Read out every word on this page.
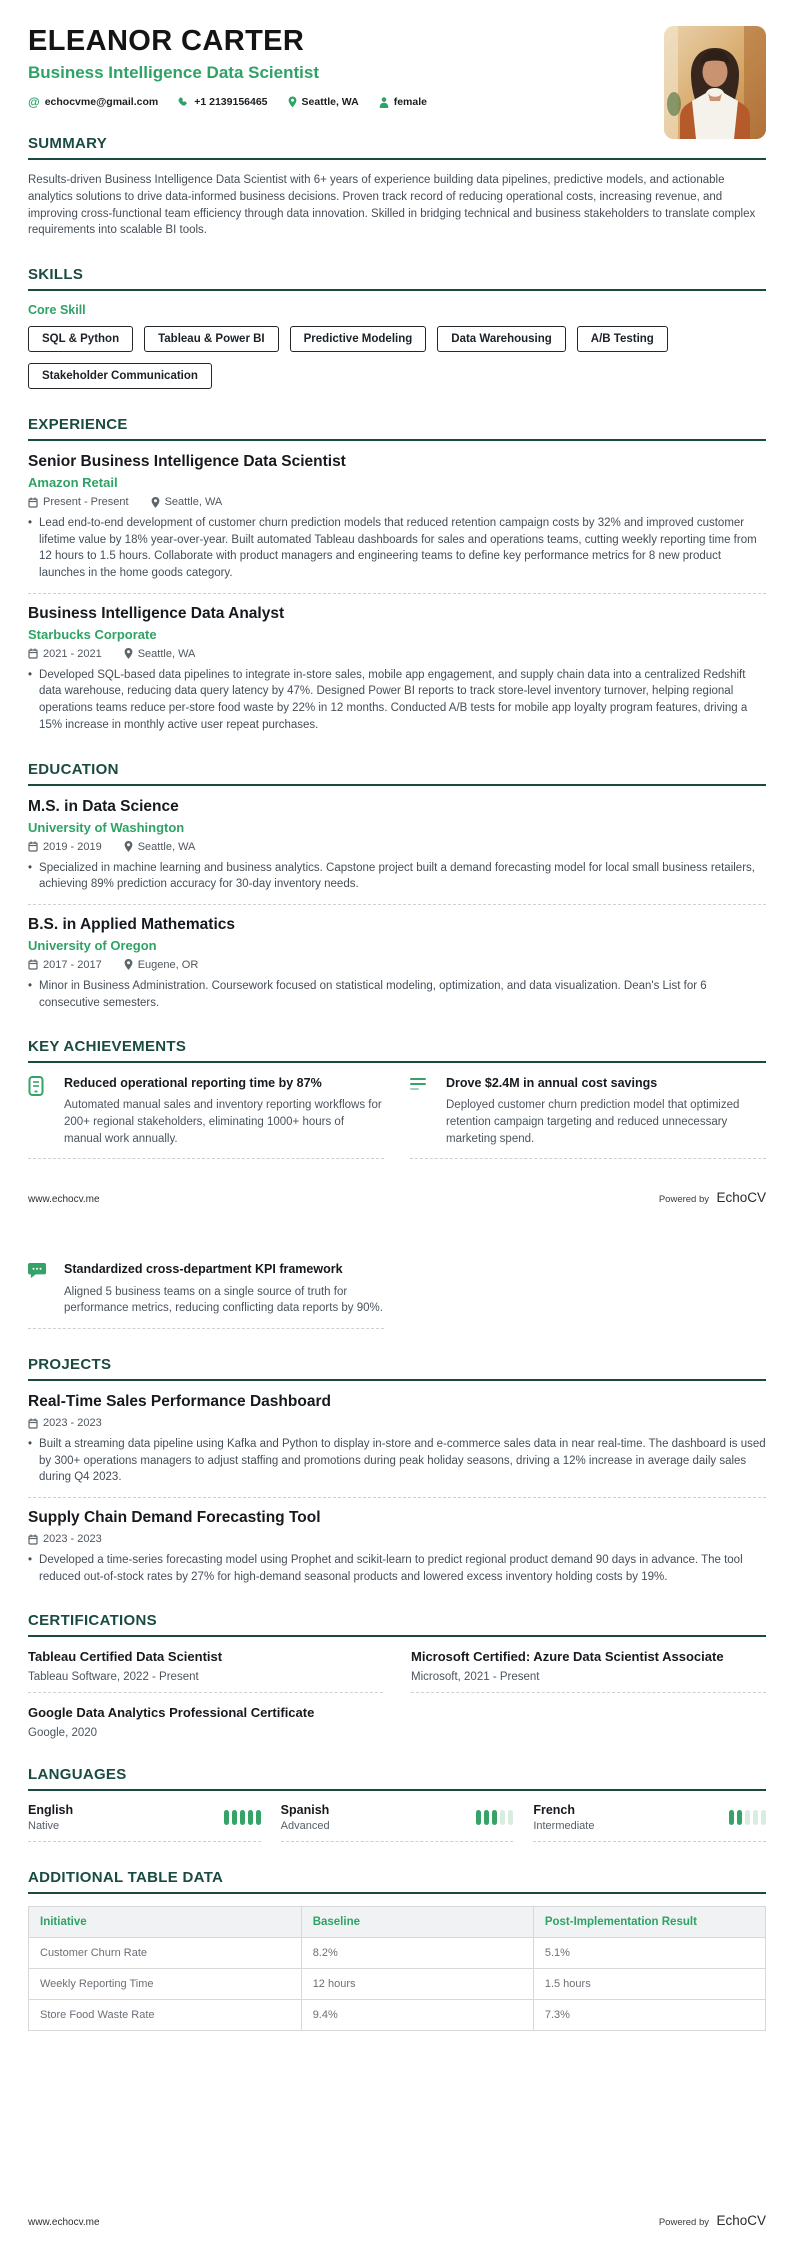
ELEANOR CARTER
Business Intelligence Data Scientist
@ echocvme@gmail.com	+1 2139156465	Seattle, WA	female
SUMMARY
Results-driven Business Intelligence Data Scientist with 6+ years of experience building data pipelines, predictive models, and actionable analytics solutions to drive data-informed business decisions. Proven track record of reducing operational costs, increasing revenue, and improving cross-functional team efficiency through data innovation. Skilled in bridging technical and business stakeholders to translate complex requirements into scalable BI tools.
SKILLS
Core Skill
SQL & Python	Tableau & Power BI	Predictive Modeling	Data Warehousing	A/B Testing
Stakeholder Communication
EXPERIENCE
Senior Business Intelligence Data Scientist
Amazon Retail
Present - Present	Seattle, WA
• Lead end-to-end development of customer churn prediction models that reduced retention campaign costs by 32% and improved customer lifetime value by 18% year-over-year. Built automated Tableau dashboards for sales and operations teams, cutting weekly reporting time from 12 hours to 1.5 hours. Collaborate with product managers and engineering teams to define key performance metrics for 8 new product launches in the home goods category.
Business Intelligence Data Analyst
Starbucks Corporate
2021 - 2021	Seattle, WA
• Developed SQL-based data pipelines to integrate in-store sales, mobile app engagement, and supply chain data into a centralized Redshift data warehouse, reducing data query latency by 47%. Designed Power BI reports to track store-level inventory turnover, helping regional operations teams reduce per-store food waste by 22% in 12 months. Conducted A/B tests for mobile app loyalty program features, driving a 15% increase in monthly active user repeat purchases.
EDUCATION
M.S. in Data Science
University of Washington
2019 - 2019	Seattle, WA
• Specialized in machine learning and business analytics. Capstone project built a demand forecasting model for local small business retailers, achieving 89% prediction accuracy for 30-day inventory needs.
B.S. in Applied Mathematics
University of Oregon
2017 - 2017	Eugene, OR
• Minor in Business Administration. Coursework focused on statistical modeling, optimization, and data visualization. Dean's List for 6 consecutive semesters.
KEY ACHIEVEMENTS
Reduced operational reporting time by 87%
Automated manual sales and inventory reporting workflows for 200+ regional stakeholders, eliminating 1000+ hours of manual work annually.
Drove $2.4M in annual cost savings
Deployed customer churn prediction model that optimized retention campaign targeting and reduced unnecessary marketing spend.
www.echocv.me	Powered by EchoCV
Standardized cross-department KPI framework
Aligned 5 business teams on a single source of truth for performance metrics, reducing conflicting data reports by 90%.
PROJECTS
Real-Time Sales Performance Dashboard
2023 - 2023
• Built a streaming data pipeline using Kafka and Python to display in-store and e-commerce sales data in near real-time. The dashboard is used by 300+ operations managers to adjust staffing and promotions during peak holiday seasons, driving a 12% increase in average daily sales during Q4 2023.
Supply Chain Demand Forecasting Tool
2023 - 2023
• Developed a time-series forecasting model using Prophet and scikit-learn to predict regional product demand 90 days in advance. The tool reduced out-of-stock rates by 27% for high-demand seasonal products and lowered excess inventory holding costs by 19%.
CERTIFICATIONS
Tableau Certified Data Scientist
Tableau Software, 2022 - Present
Microsoft Certified: Azure Data Scientist Associate
Microsoft, 2021 - Present
Google Data Analytics Professional Certificate
Google, 2020
LANGUAGES
English
Native
Spanish
Advanced
French
Intermediate
ADDITIONAL TABLE DATA
Initiative	Baseline	Post-Implementation Result
Customer Churn Rate	8.2%	5.1%
Weekly Reporting Time	12 hours	1.5 hours
Store Food Waste Rate	9.4%	7.3%
www.echocv.me	Powered by EchoCV
